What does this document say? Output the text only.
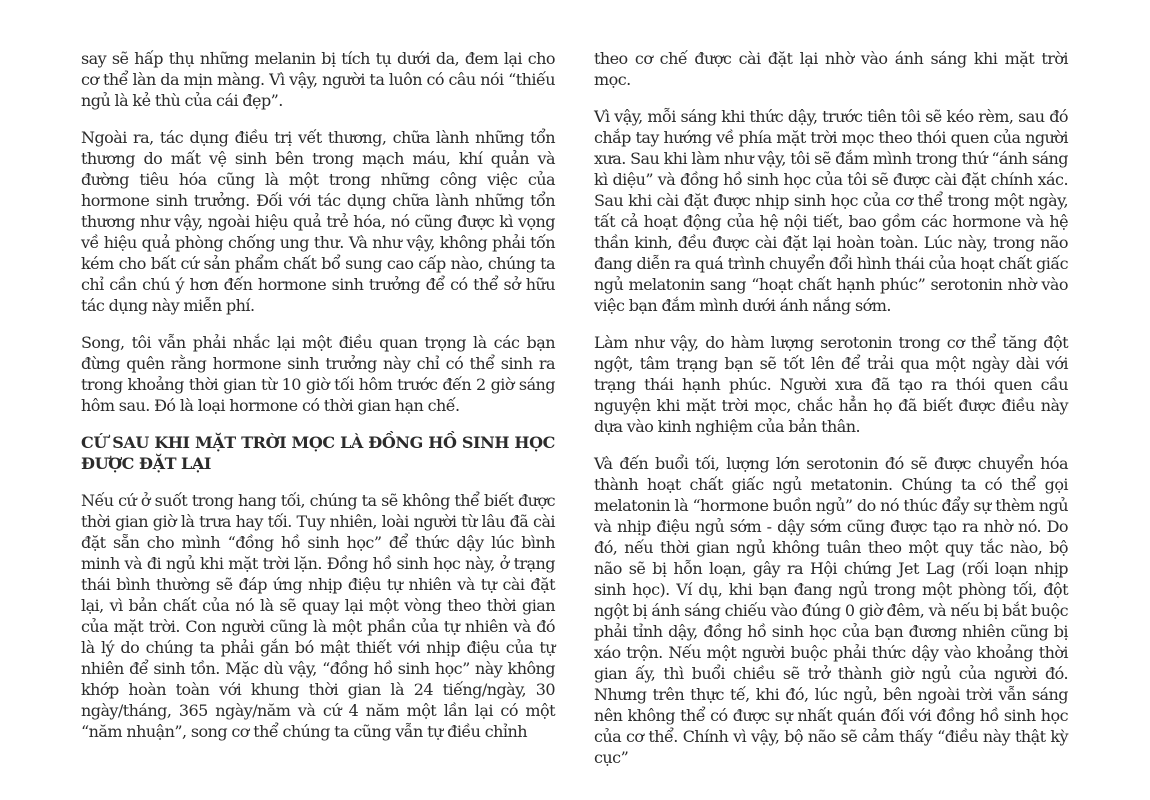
say sẽ hấp thụ những melanin bị tích tụ dưới da, đem lại cho cơ thể làn da mịn màng. Vì vậy, người ta luôn có câu nói “thiếu ngủ là kẻ thù của cái đẹp”.

Ngoài ra, tác dụng điều trị vết thương, chữa lành những tổn thương do mất vệ sinh bên trong mạch máu, khí quản và đường tiêu hóa cũng là một trong những công việc của hormone sinh trưởng. Đối với tác dụng chữa lành những tổn thương như vậy, ngoài hiệu quả trẻ hóa, nó cũng được kì vọng về hiệu quả phòng chống ung thư. Và như vậy, không phải tốn kém cho bất cứ sản phẩm chất bổ sung cao cấp nào, chúng ta chỉ cần chú ý hơn đến hormone sinh trưởng để có thể sở hữu tác dụng này miễn phí.

Song, tôi vẫn phải nhắc lại một điều quan trọng là các bạn đừng quên rằng hormone sinh trưởng này chỉ có thể sinh ra trong khoảng thời gian từ 10 giờ tối hôm trước đến 2 giờ sáng hôm sau. Đó là loại hormone có thời gian hạn chế.

CỨ SAU KHI MẶT TRỜI MỌC LÀ ĐỒNG HỒ SINH HỌC ĐƯỢC ĐẶT LẠI

Nếu cứ ở suốt trong hang tối, chúng ta sẽ không thể biết được thời gian giờ là trưa hay tối. Tuy nhiên, loài người từ lâu đã cài đặt sẵn cho mình “đồng hồ sinh học” để thức dậy lúc bình minh và đi ngủ khi mặt trời lặn. Đồng hồ sinh học này, ở trạng thái bình thường sẽ đáp ứng nhịp điệu tự nhiên và tự cài đặt lại, vì bản chất của nó là sẽ quay lại một vòng theo thời gian của mặt trời. Con người cũng là một phần của tự nhiên và đó là lý do chúng ta phải gắn bó mật thiết với nhịp điệu của tự nhiên để sinh tồn. Mặc dù vậy, “đồng hồ sinh học” này không khớp hoàn toàn với khung thời gian là 24 tiếng/ngày, 30 ngày/tháng, 365 ngày/năm và cứ 4 năm một lần lại có một “năm nhuận”, song cơ thể chúng ta cũng vẫn tự điều chỉnh

theo cơ chế được cài đặt lại nhờ vào ánh sáng khi mặt trời mọc.

Vì vậy, mỗi sáng khi thức dậy, trước tiên tôi sẽ kéo rèm, sau đó chắp tay hướng về phía mặt trời mọc theo thói quen của người xưa. Sau khi làm như vậy, tôi sẽ đắm mình trong thứ “ánh sáng kì diệu” và đồng hồ sinh học của tôi sẽ được cài đặt chính xác. Sau khi cài đặt được nhịp sinh học của cơ thể trong một ngày, tất cả hoạt động của hệ nội tiết, bao gồm các hormone và hệ thần kinh, đều được cài đặt lại hoàn toàn. Lúc này, trong não đang diễn ra quá trình chuyển đổi hình thái của hoạt chất giấc ngủ melatonin sang “hoạt chất hạnh phúc” serotonin nhờ vào việc bạn đắm mình dưới ánh nắng sớm.

Làm như vậy, do hàm lượng serotonin trong cơ thể tăng đột ngột, tâm trạng bạn sẽ tốt lên để trải qua một ngày dài với trạng thái hạnh phúc. Người xưa đã tạo ra thói quen cầu nguyện khi mặt trời mọc, chắc hẳn họ đã biết được điều này dựa vào kinh nghiệm của bản thân.

Và đến buổi tối, lượng lớn serotonin đó sẽ được chuyển hóa thành hoạt chất giấc ngủ metatonin. Chúng ta có thể gọi melatonin là “hormone buồn ngủ” do nó thúc đẩy sự thèm ngủ và nhịp điệu ngủ sớm - dậy sớm cũng được tạo ra nhờ nó. Do đó, nếu thời gian ngủ không tuân theo một quy tắc nào, bộ não sẽ bị hỗn loạn, gây ra Hội chứng Jet Lag (rối loạn nhịp sinh học). Ví dụ, khi bạn đang ngủ trong một phòng tối, đột ngột bị ánh sáng chiếu vào đúng 0 giờ đêm, và nếu bị bắt buộc phải tỉnh dậy, đồng hồ sinh học của bạn đương nhiên cũng bị xáo trộn. Nếu một người buộc phải thức dậy vào khoảng thời gian ấy, thì buổi chiều sẽ trở thành giờ ngủ của người đó. Nhưng trên thực tế, khi đó, lúc ngủ, bên ngoài trời vẫn sáng nên không thể có được sự nhất quán đối với đồng hồ sinh học của cơ thể. Chính vì vậy, bộ não sẽ cảm thấy “điều này thật kỳ cục”
